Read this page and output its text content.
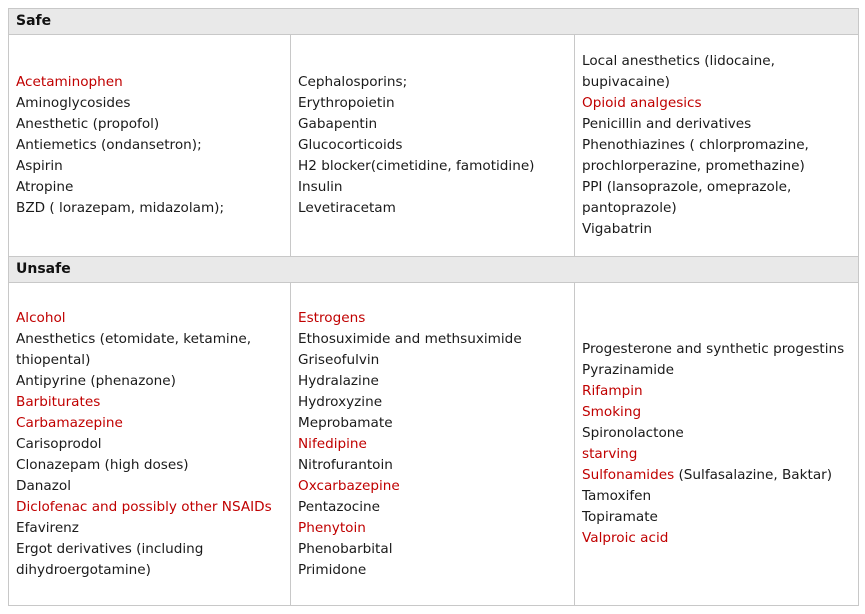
Safe
Acetaminophen
Aminoglycosides
Anesthetic (propofol)
Antiemetics (ondansetron);
Aspirin
Atropine
BZD ( lorazepam, midazolam);
Cephalosporins;
Erythropoietin
Gabapentin
Glucocorticoids
H2 blocker(cimetidine, famotidine)
Insulin
Levetiracetam
Local anesthetics (lidocaine, bupivacaine)
Opioid analgesics
Penicillin and derivatives
Phenothiazines ( chlorpromazine, prochlorperazine, promethazine)
PPI (lansoprazole, omeprazole, pantoprazole)
Vigabatrin
Unsafe
Alcohol
Anesthetics (etomidate, ketamine, thiopental)
Antipyrine (phenazone)
Barbiturates
Carbamazepine
Carisoprodol
Clonazepam (high doses)
Danazol
Diclofenac and possibly other NSAIDs
Efavirenz
Ergot derivatives (including dihydroergotamine)
Estrogens
Ethosuximide and methsuximide
Griseofulvin
Hydralazine
Hydroxyzine
Meprobamate
Nifedipine
Nitrofurantoin
Oxcarbazepine
Pentazocine
Phenytoin
Phenobarbital
Primidone
Progesterone and synthetic progestins
Pyrazinamide
Rifampin
Smoking
Spironolactone
starving
Sulfonamides (Sulfasalazine, Baktar)
Tamoxifen
Topiramate
Valproic acid
